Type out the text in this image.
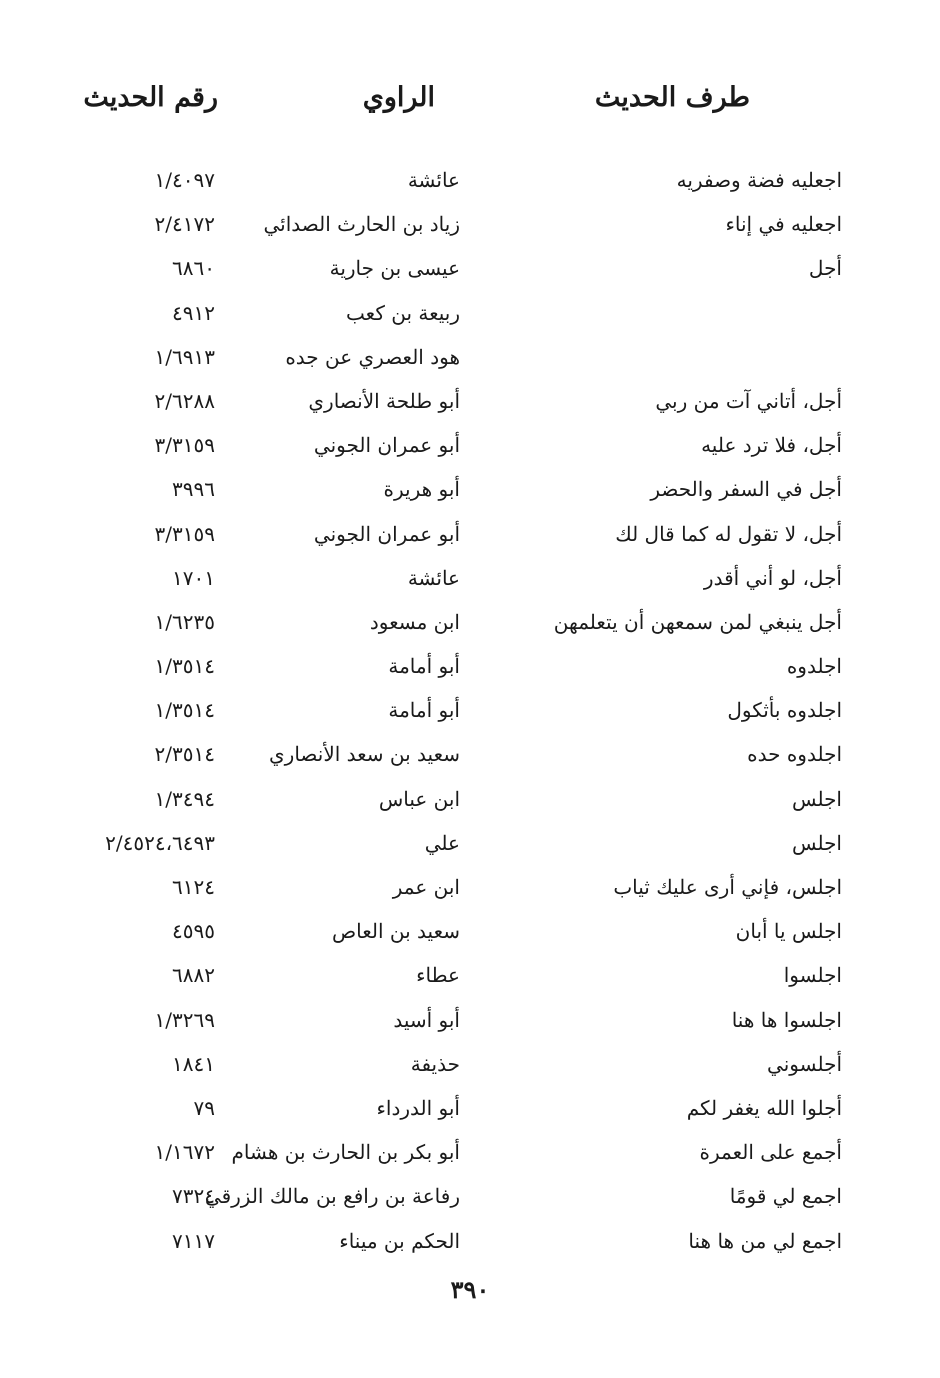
طرف الحديث
الراوي
رقم الحديث
اجعليه فضة وصفريه
عائشة
١/٤٠٩٧
اجعليه في إناء
زياد بن الحارث الصدائي
٢/٤١٧٢
أجل
عيسى بن جارية
٦٨٦٠
ربيعة بن كعب
٤٩١٢
هود العصري عن جده
١/٦٩١٣
أجل، أتاني آت من ربي
أبو طلحة الأنصاري
٢/٦٢٨٨
أجل، فلا ترد عليه
أبو عمران الجوني
٣/٣١٥٩
أجل في السفر والحضر
أبو هريرة
٣٩٩٦
أجل، لا تقول له كما قال لك
أبو عمران الجوني
٣/٣١٥٩
أجل، لو أني أقدر
عائشة
١٧٠١
أجل ينبغي لمن سمعهن أن يتعلمهن
ابن مسعود
١/٦٢٣٥
اجلدوه
أبو أمامة
١/٣٥١٤
اجلدوه بأثكول
أبو أمامة
١/٣٥١٤
اجلدوه حده
سعيد بن سعد الأنصاري
٢/٣٥١٤
اجلس
ابن عباس
١/٣٤٩٤
اجلس
علي
٢/٤٥٢٤،٦٤٩٣
اجلس، فإني أرى عليك ثياب
ابن عمر
٦١٢٤
اجلس يا أبان
سعيد بن العاص
٤٥٩٥
اجلسوا
عطاء
٦٨٨٢
اجلسوا ها هنا
أبو أسيد
١/٣٢٦٩
أجلسوني
حذيفة
١٨٤١
أجلوا الله يغفر لكم
أبو الدرداء
٧٩
أجمع على العمرة
أبو بكر بن الحارث بن هشام
١/١٦٧٢
اجمع لي قومًا
رفاعة بن رافع بن مالك الزرقي
٧٣٢٤
اجمع لي من ها هنا
الحكم بن ميناء
٧١١٧
٣٩٠
